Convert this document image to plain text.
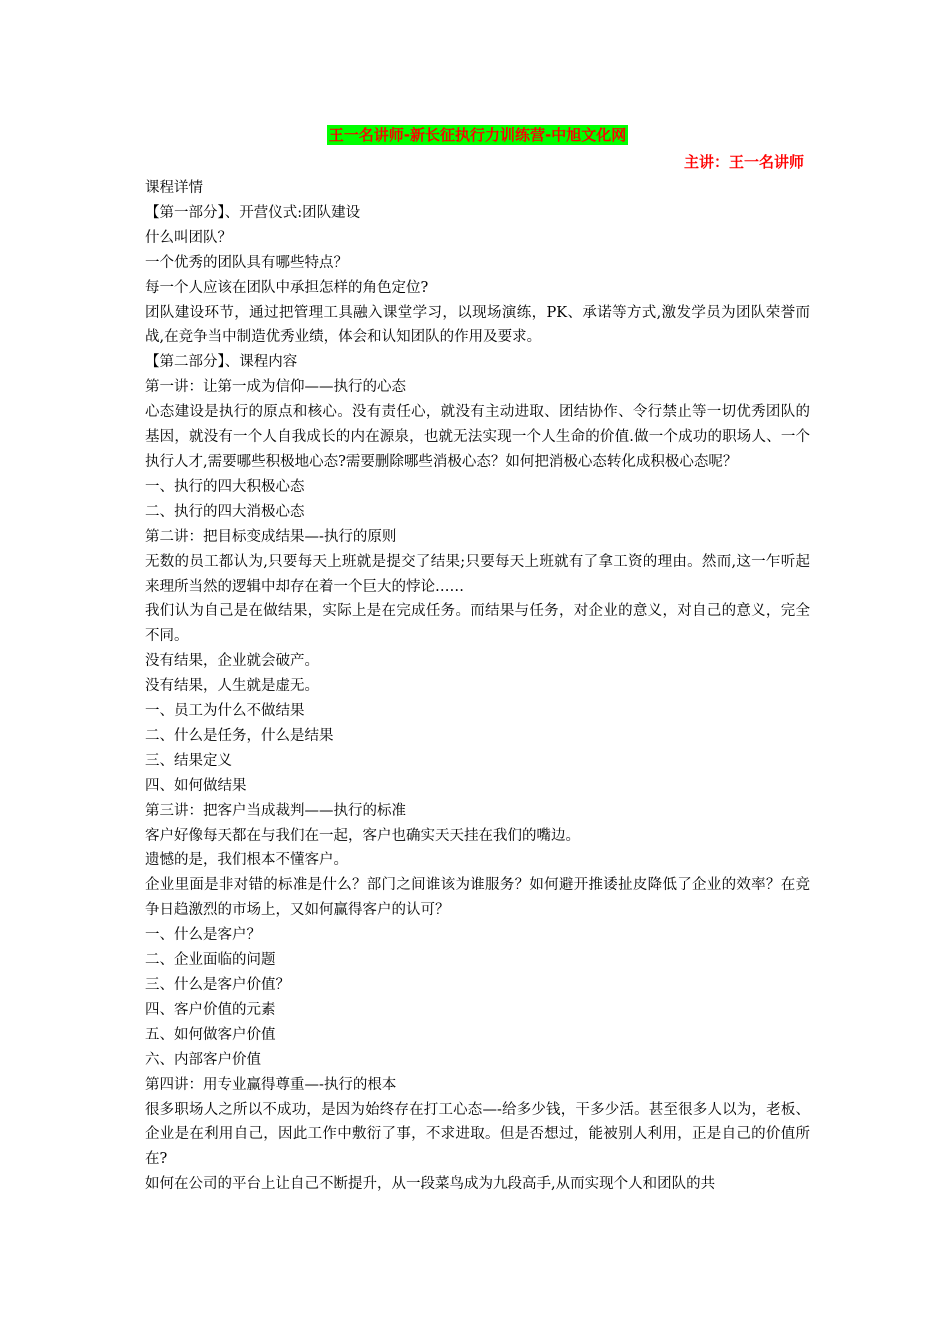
王一名讲师-新长征执行力训练营-中旭文化网
主讲：王一名讲师

课程详情

【第一部分】、开营仪式:团队建设

什么叫团队？

一个优秀的团队具有哪些特点？

每一个人应该在团队中承担怎样的角色定位?

团队建设环节，通过把管理工具融入课堂学习，以现场演练，PK、承诺等方式,激发学员为团队荣誉而战,在竞争当中制造优秀业绩，体会和认知团队的作用及要求。

【第二部分】、课程内容

第一讲：让第一成为信仰——执行的心态

心态建设是执行的原点和核心。没有责任心，就没有主动进取、团结协作、令行禁止等一切优秀团队的基因，就没有一个人自我成长的内在源泉，也就无法实现一个人生命的价值.做一个成功的职场人、一个执行人才,需要哪些积极地心态?需要删除哪些消极心态？如何把消极心态转化成积极心态呢？

一、执行的四大积极心态

二、执行的四大消极心态

第二讲：把目标变成结果—-执行的原则

无数的员工都认为,只要每天上班就是提交了结果;只要每天上班就有了拿工资的理由。然而,这一乍听起来理所当然的逻辑中却存在着一个巨大的悖论……

我们认为自己是在做结果，实际上是在完成任务。而结果与任务，对企业的意义，对自己的意义，完全不同。

没有结果，企业就会破产。

没有结果，人生就是虚无。

一、员工为什么不做结果

二、什么是任务，什么是结果

三、结果定义

四、如何做结果

第三讲：把客户当成裁判——执行的标准

客户好像每天都在与我们在一起，客户也确实天天挂在我们的嘴边。

遗憾的是，我们根本不懂客户。

企业里面是非对错的标准是什么？部门之间谁该为谁服务？如何避开推诿扯皮降低了企业的效率？在竞争日趋激烈的市场上，又如何赢得客户的认可？

一、什么是客户？

二、企业面临的问题

三、什么是客户价值？

四、客户价值的元素

五、如何做客户价值

六、内部客户价值

第四讲：用专业赢得尊重—-执行的根本

很多职场人之所以不成功，是因为始终存在打工心态—-给多少钱，干多少活。甚至很多人以为，老板、企业是在利用自己，因此工作中敷衍了事，不求进取。但是否想过，能被别人利用，正是自己的价值所在?

如何在公司的平台上让自己不断提升，从一段菜鸟成为九段高手,从而实现个人和团队的共
